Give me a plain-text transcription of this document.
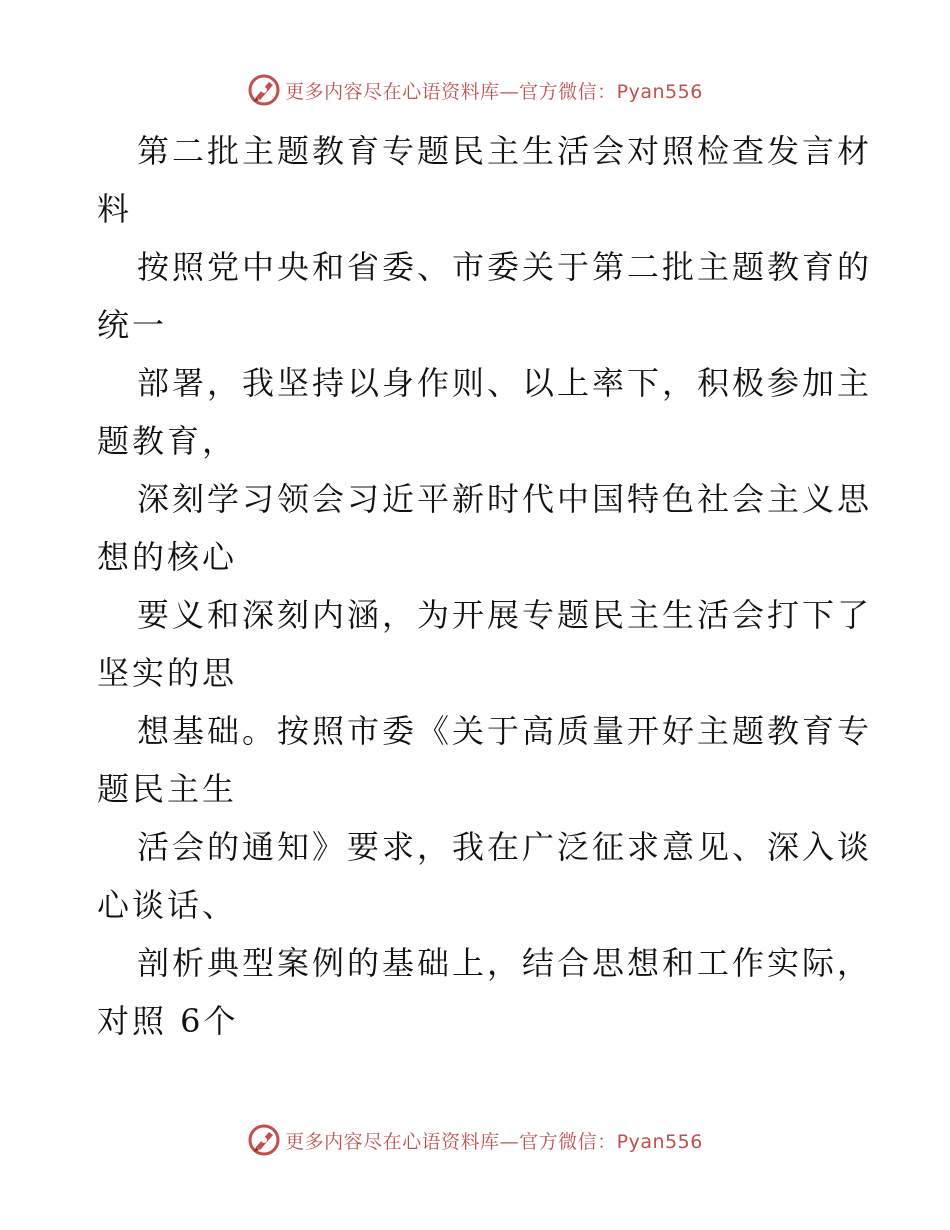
更多内容尽在心语资料库—官方微信：Pyan556
第二批主题教育专题民主生活会对照检查发言材
料
按照党中央和省委、市委关于第二批主题教育的
统一
部署，我坚持以身作则、以上率下，积极参加主
题教育，
深刻学习领会习近平新时代中国特色社会主义思
想的核心
要义和深刻内涵，为开展专题民主生活会打下了
坚实的思
想基础。按照市委《关于高质量开好主题教育专
题民主生
活会的通知》要求，我在广泛征求意见、深入谈
心谈话、
剖析典型案例的基础上，结合思想和工作实际，
对照 6个
更多内容尽在心语资料库—官方微信：Pyan556
